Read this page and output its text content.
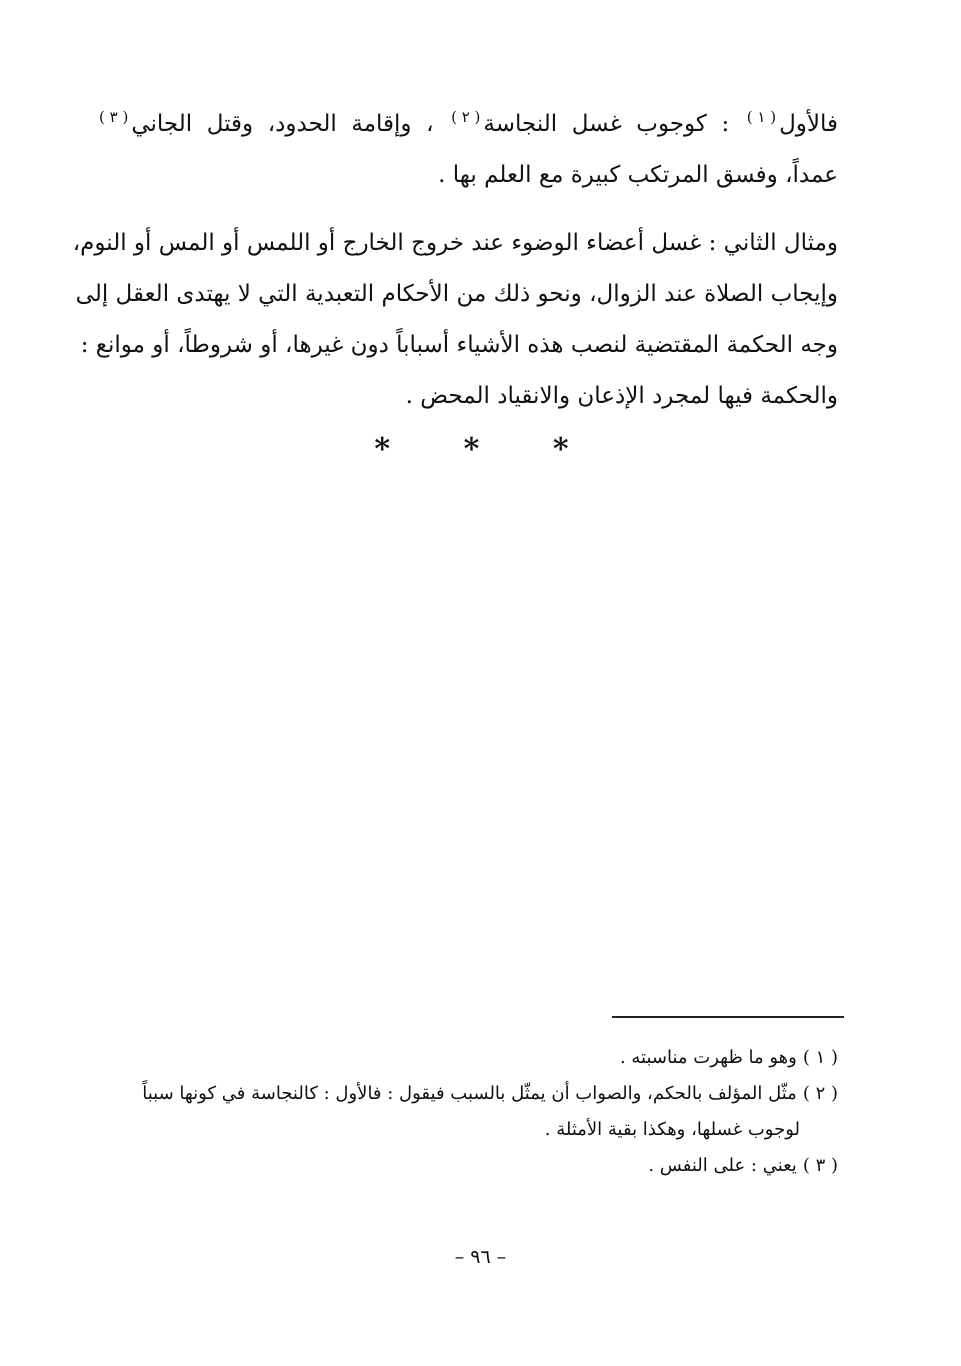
فالأول( ١ ) : كوجوب غسل النجاسة( ٢ ) ، وإقامة الحدود، وقتل الجاني( ٣ )
عمداً، وفسق المرتكب كبيرة مع العلم بها .
ومثال الثاني : غسل أعضاء الوضوء عند خروج الخارج أو اللمس أو المس أو النوم،
وإيجاب الصلاة عند الزوال، ونحو ذلك من الأحكام التعبدية التي لا يهتدى العقل إلى
وجه الحكمة المقتضية لنصب هذه الأشياء أسباباً دون غيرها، أو شروطاً، أو موانع :
والحكمة فيها لمجرد الإذعان والانقياد المحض .
* * *
( ١ )وهو ما ظهرت مناسبته .
( ٢ )مثّل المؤلف بالحكم، والصواب أن يمثّل بالسبب فيقول : فالأول : كالنجاسة في كونها سبباً
لوجوب غسلها، وهكذا بقية الأمثلة .
( ٣ )يعني : على النفس .
– ٩٦ –
